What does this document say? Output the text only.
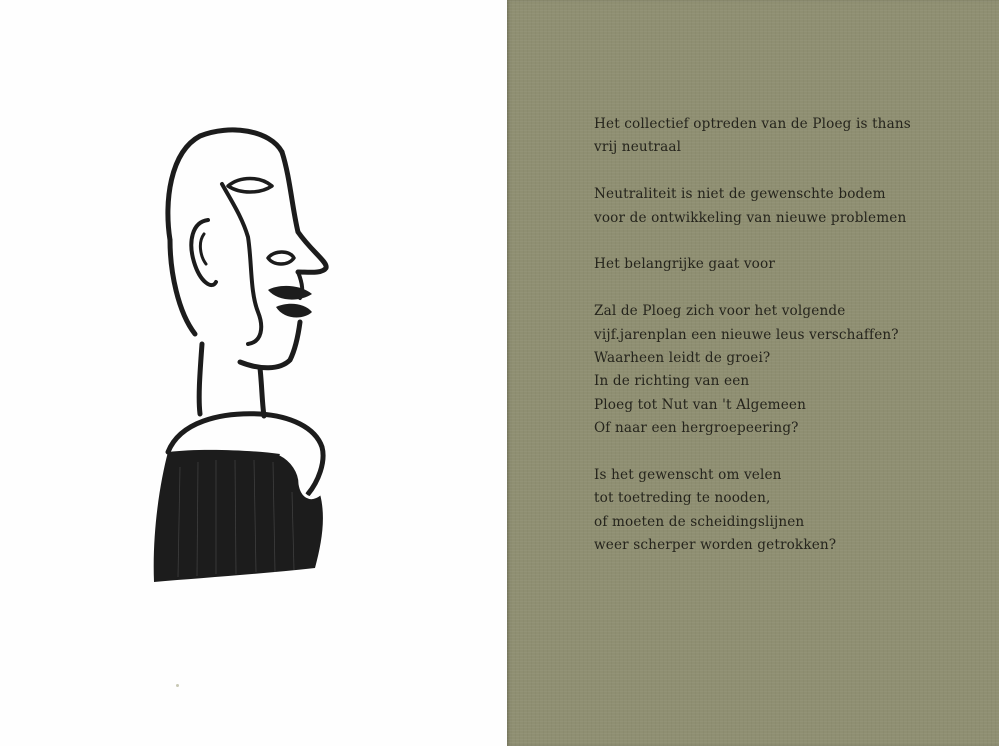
Het collectief optreden van de Ploeg is thans
vrij neutraal

Neutraliteit is niet de gewenschte bodem
voor de ontwikkeling van nieuwe problemen

Het belangrijke gaat voor

Zal de Ploeg zich voor het volgende
vijf.jarenplan een nieuwe leus verschaffen?
Waarheen leidt de groei?
In de richting van een
Ploeg tot Nut van 't Algemeen
Of naar een hergroepeering?

Is het gewenscht om velen
tot toetreding te nooden,
of moeten de scheidingslijnen
weer scherper worden getrokken?
